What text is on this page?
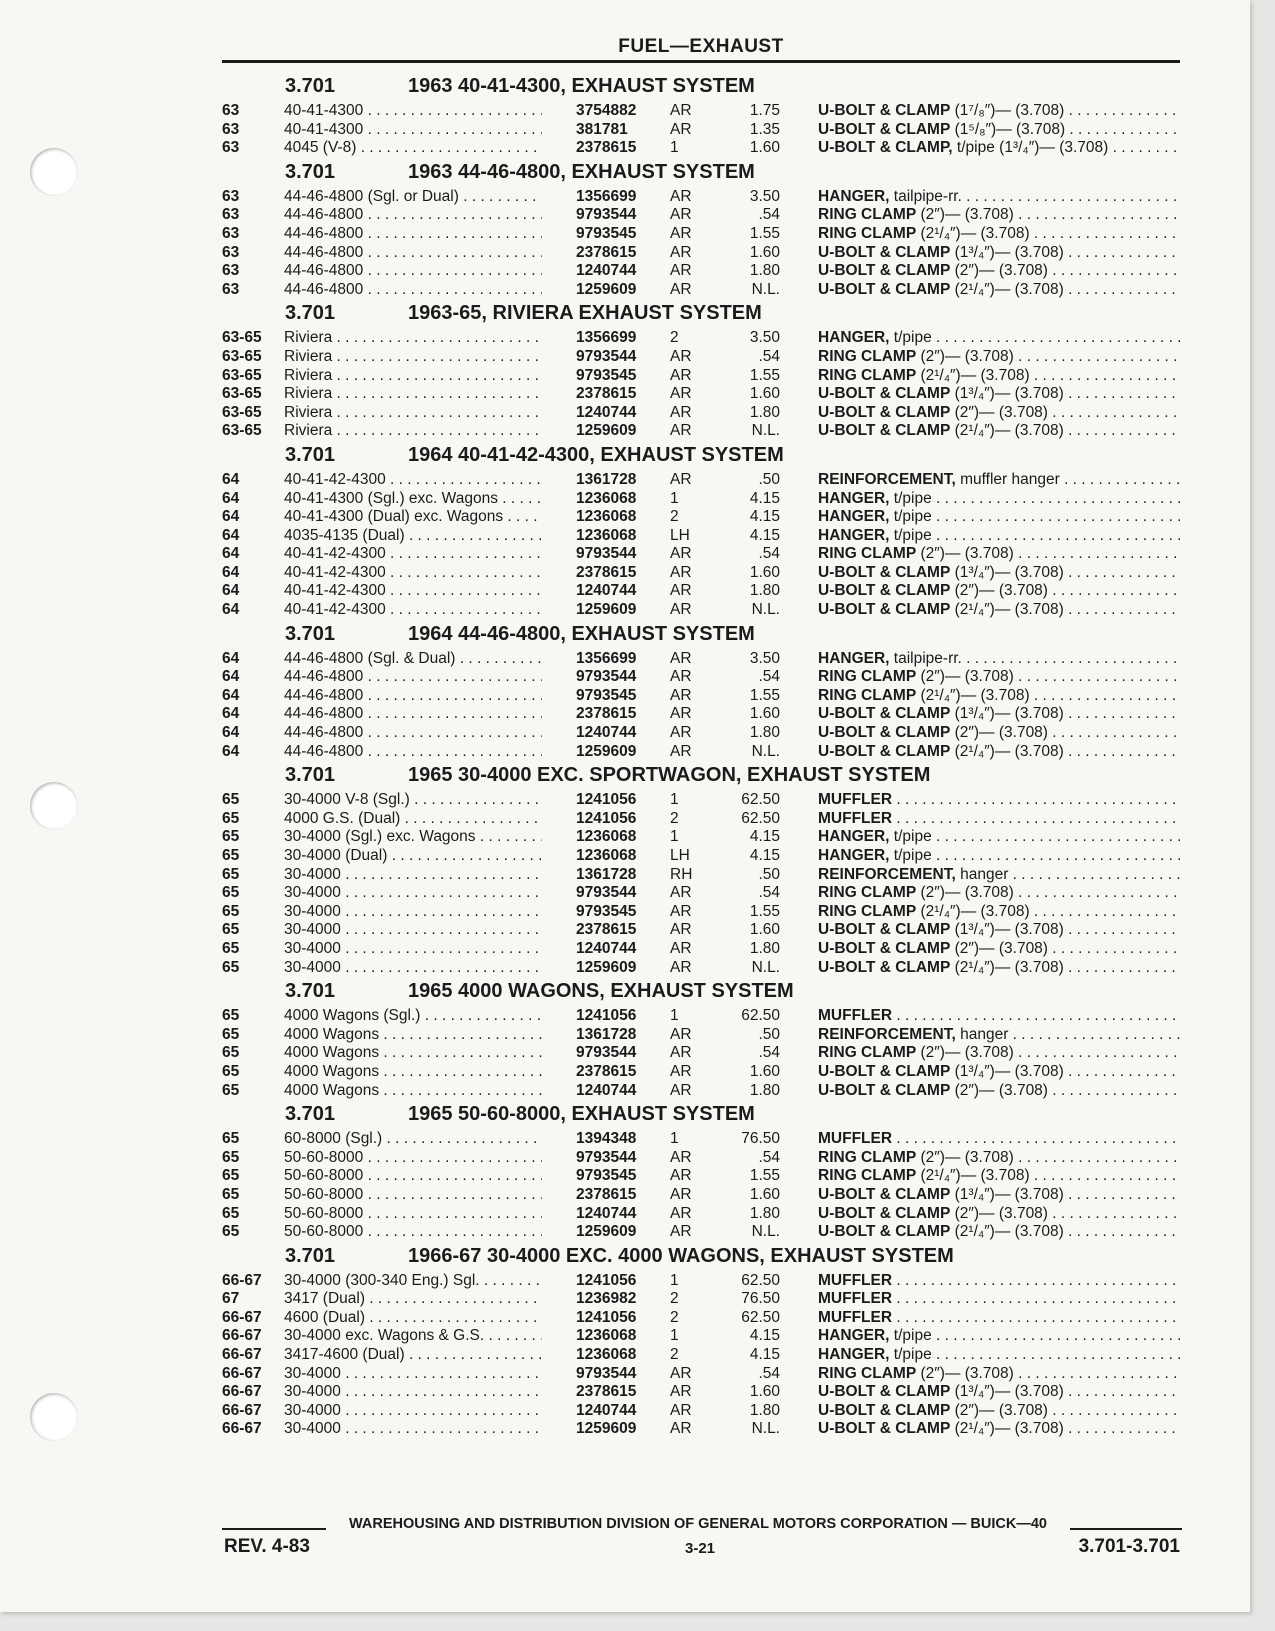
FUEL—EXHAUST
3.701	1963 40-41-4300, EXHAUST SYSTEM
63	40-41-4300 . . .	3754882 AR	1.75 U-BOLT & CLAMP (1⁷/₈″)— (3.708) . . .
63	40-41-4300 . . .	381781	AR	1.35 U-BOLT & CLAMP (1⁵/₈″)— (3.708) . . .
63	4045 (V-8) . . .	2378615 1	1.60 U-BOLT & CLAMP, t/pipe (1³/₄″)— (3.708) . . .
3.701	1963 44-46-4800, EXHAUST SYSTEM
63	44-46-4800 (Sgl. or Dual) . . .	1356699 AR	3.50 HANGER, tailpipe-rr. . . .
63	44-46-4800 . . .	9793544 AR	.54 RING CLAMP (2″)— (3.708) . . .
63	44-46-4800 . . .	9793545 AR	1.55 RING CLAMP (2¹/₄″)— (3.708) . . .
63	44-46-4800 . . .	2378615 AR	1.60 U-BOLT & CLAMP (1³/₄″)— (3.708) . . .
63	44-46-4800 . . .	1240744 AR	1.80 U-BOLT & CLAMP (2″)— (3.708) . . .
63	44-46-4800 . . .	1259609 AR	N.L. U-BOLT & CLAMP (2¹/₄″)— (3.708) . . .
3.701	1963-65, RIVIERA EXHAUST SYSTEM
63-65 Riviera . . .	1356699 2	3.50 HANGER, t/pipe . . .
63-65 Riviera . . .	9793544 AR	.54 RING CLAMP (2″)— (3.708) . . .
63-65 Riviera . . .	9793545 AR	1.55 RING CLAMP (2¹/₄″)— (3.708) . . .
63-65 Riviera . . .	2378615 AR	1.60 U-BOLT & CLAMP (1³/₄″)— (3.708) . . .
63-65 Riviera . . .	1240744 AR	1.80 U-BOLT & CLAMP (2″)— (3.708) . . .
63-65 Riviera . . .	1259609 AR	N.L. U-BOLT & CLAMP (2¹/₄″)— (3.708) . . .
3.701	1964 40-41-42-4300, EXHAUST SYSTEM
64	40-41-42-4300 . . .	1361728 AR	.50 REINFORCEMENT, muffler hanger . . .
64	40-41-4300 (Sgl.) exc. Wagons . . .	1236068 1	4.15 HANGER, t/pipe . . .
64	40-41-4300 (Dual) exc. Wagons . . .	1236068 2	4.15 HANGER, t/pipe . . .
64	4035-4135 (Dual) . . .	1236068 LH	4.15 HANGER, t/pipe . . .
64	40-41-42-4300 . . .	9793544 AR	.54 RING CLAMP (2″)— (3.708) . . .
64	40-41-42-4300 . . .	2378615 AR	1.60 U-BOLT & CLAMP (1³/₄″)— (3.708) . . .
64	40-41-42-4300 . . .	1240744 AR	1.80 U-BOLT & CLAMP (2″)— (3.708) . . .
64	40-41-42-4300 . . .	1259609 AR	N.L. U-BOLT & CLAMP (2¹/₄″)— (3.708) . . .
3.701	1964 44-46-4800, EXHAUST SYSTEM
64	44-46-4800 (Sgl. & Dual) . . .	1356699 AR	3.50 HANGER, tailpipe-rr. . . .
64	44-46-4800 . . .	9793544 AR	.54 RING CLAMP (2″)— (3.708) . . .
64	44-46-4800 . . .	9793545 AR	1.55 RING CLAMP (2¹/₄″)— (3.708) . . .
64	44-46-4800 . . .	2378615 AR	1.60 U-BOLT & CLAMP (1³/₄″)— (3.708) . . .
64	44-46-4800 . . .	1240744 AR	1.80 U-BOLT & CLAMP (2″)— (3.708) . . .
64	44-46-4800 . . .	1259609 AR	N.L. U-BOLT & CLAMP (2¹/₄″)— (3.708) . . .
3.701	1965 30-4000 EXC. SPORTWAGON, EXHAUST SYSTEM
65	30-4000 V-8 (Sgl.) . . .	1241056 1	62.50 MUFFLER . . .
65	4000 G.S. (Dual) . . .	1241056 2	62.50 MUFFLER . . .
65	30-4000 (Sgl.) exc. Wagons . . .	1236068 1	4.15 HANGER, t/pipe . . .
65	30-4000 (Dual) . . .	1236068 LH	4.15 HANGER, t/pipe . . .
65	30-4000 . . .	1361728 RH	.50 REINFORCEMENT, hanger . . .
65	30-4000 . . .	9793544 AR	.54 RING CLAMP (2″)— (3.708) . . .
65	30-4000 . . .	9793545 AR	1.55 RING CLAMP (2¹/₄″)— (3.708) . . .
65	30-4000 . . .	2378615 AR	1.60 U-BOLT & CLAMP (1³/₄″)— (3.708) . . .
65	30-4000 . . .	1240744 AR	1.80 U-BOLT & CLAMP (2″)— (3.708) . . .
65	30-4000 . . .	1259609 AR	N.L. U-BOLT & CLAMP (2¹/₄″)— (3.708) . . .
3.701	1965 4000 WAGONS, EXHAUST SYSTEM
65	4000 Wagons (Sgl.) . . .	1241056 1	62.50 MUFFLER . . .
65	4000 Wagons . . .	1361728 AR	.50 REINFORCEMENT, hanger . . .
65	4000 Wagons . . .	9793544 AR	.54 RING CLAMP (2″)— (3.708) . . .
65	4000 Wagons . . .	2378615 AR	1.60 U-BOLT & CLAMP (1³/₄″)— (3.708) . . .
65	4000 Wagons . . .	1240744 AR	1.80 U-BOLT & CLAMP (2″)— (3.708) . . .
3.701	1965 50-60-8000, EXHAUST SYSTEM
65	60-8000 (Sgl.) . . .	1394348 1	76.50 MUFFLER . . .
65	50-60-8000 . . .	9793544 AR	.54 RING CLAMP (2″)— (3.708) . . .
65	50-60-8000 . . .	9793545 AR	1.55 RING CLAMP (2¹/₄″)— (3.708) . . .
65	50-60-8000 . . .	2378615 AR	1.60 U-BOLT & CLAMP (1³/₄″)— (3.708) . . .
65	50-60-8000 . . .	1240744 AR	1.80 U-BOLT & CLAMP (2″)— (3.708) . . .
65	50-60-8000 . . .	1259609 AR	N.L. U-BOLT & CLAMP (2¹/₄″)— (3.708) . . .
3.701	1966-67 30-4000 EXC. 4000 WAGONS, EXHAUST SYSTEM
66-67 30-4000 (300-340 Eng.) Sgl. . . .	1241056 1	62.50 MUFFLER . . .
67	3417 (Dual) . . .	1236982 2	76.50 MUFFLER . . .
66-67 4600 (Dual) . . .	1241056 2	62.50 MUFFLER . . .
66-67 30-4000 exc. Wagons & G.S. . . .	1236068 1	4.15 HANGER, t/pipe . . .
66-67 3417-4600 (Dual) . . .	1236068 2	4.15 HANGER, t/pipe . . .
66-67 30-4000 . . .	9793544 AR	.54 RING CLAMP (2″)— (3.708) . . .
66-67 30-4000 . . .	2378615 AR	1.60 U-BOLT & CLAMP (1³/₄″)— (3.708) . . .
66-67 30-4000 . . .	1240744 AR	1.80 U-BOLT & CLAMP (2″)— (3.708) . . .
66-67 30-4000 . . .	1259609 AR	N.L. U-BOLT & CLAMP (2¹/₄″)— (3.708) . . .
WAREHOUSING AND DISTRIBUTION DIVISION OF GENERAL MOTORS CORPORATION — BUICK—40
REV. 4-83	3-21	3.701-3.701
